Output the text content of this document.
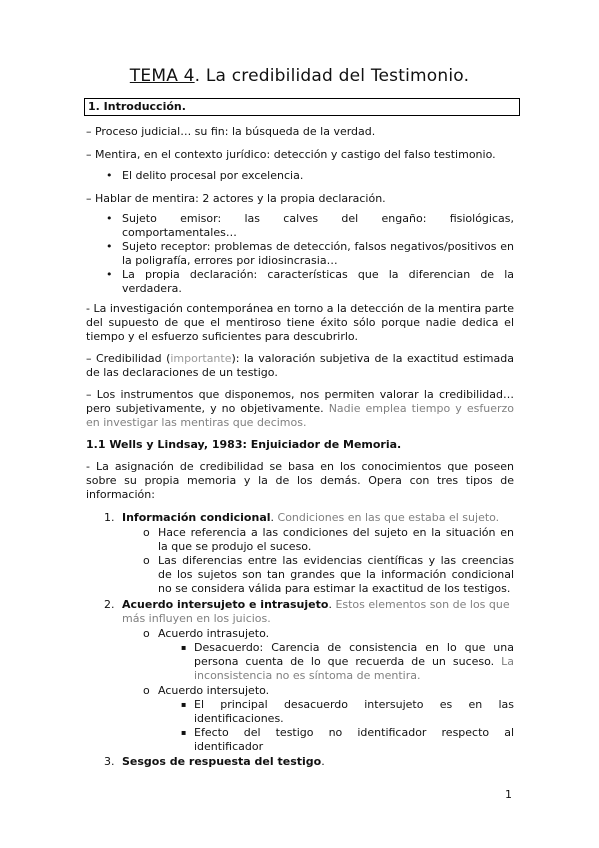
TEMA 4. La credibilidad del Testimonio.
1. Introducción.
– Proceso judicial… su fin: la búsqueda de la verdad.
– Mentira, en el contexto jurídico: detección y castigo del falso testimonio.
• El delito procesal por excelencia.
– Hablar de mentira: 2 actores y la propia declaración.
• Sujeto emisor: las calves del engaño: fisiológicas, comportamentales…
• Sujeto receptor: problemas de detección, falsos negativos/positivos en la poligrafía, errores por idiosincrasia…
• La propia declaración: características que la diferencian de la verdadera.
- La investigación contemporánea en torno a la detección de la mentira parte del supuesto de que el mentiroso tiene éxito sólo porque nadie dedica el tiempo y el esfuerzo suficientes para descubrirlo.
– Credibilidad (importante): la valoración subjetiva de la exactitud estimada de las declaraciones de un testigo.
– Los instrumentos que disponemos, nos permiten valorar la credibilidad… pero subjetivamente, y no objetivamente. Nadie emplea tiempo y esfuerzo en investigar las mentiras que decimos.
1.1 Wells y Lindsay, 1983: Enjuiciador de Memoria.
- La asignación de credibilidad se basa en los conocimientos que poseen sobre su propia memoria y la de los demás. Opera con tres tipos de información:
1. Información condicional. Condiciones en las que estaba el sujeto.
o Hace referencia a las condiciones del sujeto en la situación en la que se produjo el suceso.
o Las diferencias entre las evidencias científicas y las creencias de los sujetos son tan grandes que la información condicional no se considera válida para estimar la exactitud de los testigos.
2. Acuerdo intersujeto e intrasujeto. Estos elementos son de los que más influyen en los juicios.
o Acuerdo intrasujeto.
▪ Desacuerdo: Carencia de consistencia en lo que una persona cuenta de lo que recuerda de un suceso. La inconsistencia no es síntoma de mentira.
o Acuerdo intersujeto.
▪ El principal desacuerdo intersujeto es en las identificaciones.
▪ Efecto del testigo no identificador respecto al identificador
3. Sesgos de respuesta del testigo.
1
